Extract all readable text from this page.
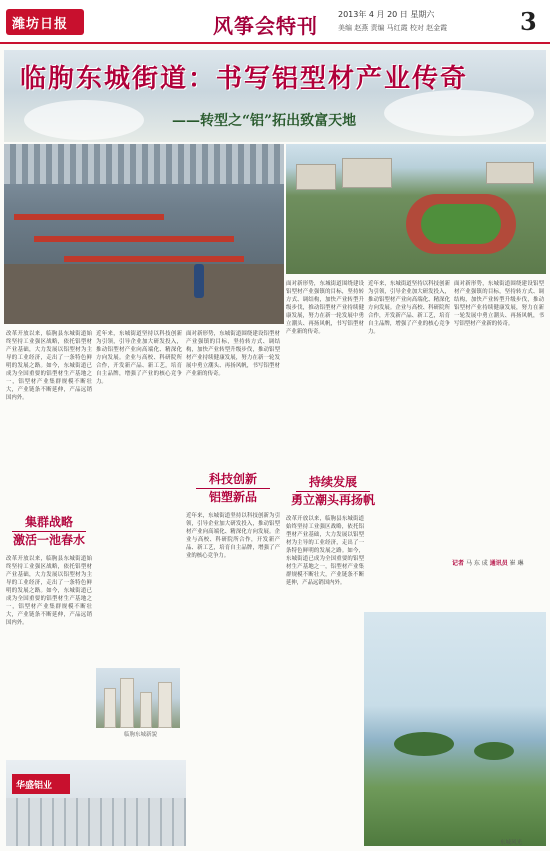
潍坊日报	风筝会特刊	2013年 4 月 20 日 星期六
美编 赵燕 责编 马红霞 校对 赵金霞	3
临朐东城街道：书写铝型材产业传奇
——转型之“铝”拓出致富天地
改革开放以来，临朐县东城街道始终坚持工业强区战略，依托铝型材产业基础，大力发展以铝型材为主导的工业经济，走出了一条特色鲜明的发展之路。如今，东城街道已成为全国重要的铝型材生产基地之一，铝型材产业集群规模不断壮大，产业链条不断延伸，产品远销国内外。
集群战略
激活一池春水
改革开放以来，临朐县东城街道始终坚持工业强区战略，依托铝型材产业基础，大力发展以铝型材为主导的工业经济，走出了一条特色鲜明的发展之路。如今，东城街道已成为全国重要的铝型材生产基地之一，铝型材产业集群规模不断壮大，产业链条不断延伸，产品远销国内外。
近年来，东城街道坚持以科技创新为引领，引导企业加大研发投入，推动铝型材产业向高端化、精深化方向发展。企业与高校、科研院所合作，开发新产品、新工艺，培育自主品牌，增强了产业的核心竞争力。
面对新形势，东城街道围绕建设铝型材产业强镇的目标，坚持转方式、调结构，加快产业转型升级步伐，推动铝型材产业持续健康发展，努力在新一轮发展中勇立潮头、再扬风帆，书写铝型材产业新的传奇。
科技创新
铝塑新品
近年来，东城街道坚持以科技创新为引领，引导企业加大研发投入，推动铝型材产业向高端化、精深化方向发展。企业与高校、科研院所合作，开发新产品、新工艺，培育自主品牌，增强了产业的核心竞争力。
面对新形势，东城街道围绕建设铝型材产业强镇的目标，坚持转方式、调结构，加快产业转型升级步伐，推动铝型材产业持续健康发展，努力在新一轮发展中勇立潮头、再扬风帆，书写铝型材产业新的传奇。
持续发展
勇立潮头再扬帆
改革开放以来，临朐县东城街道始终坚持工业强区战略，依托铝型材产业基础，大力发展以铝型材为主导的工业经济，走出了一条特色鲜明的发展之路。如今，东城街道已成为全国重要的铝型材生产基地之一，铝型材产业集群规模不断壮大，产业链条不断延伸，产品远销国内外。
近年来，东城街道坚持以科技创新为引领，引导企业加大研发投入，推动铝型材产业向高端化、精深化方向发展。企业与高校、科研院所合作，开发新产品、新工艺，培育自主品牌，增强了产业的核心竞争力。
面对新形势，东城街道围绕建设铝型材产业强镇的目标，坚持转方式、调结构，加快产业转型升级步伐，推动铝型材产业持续健康发展，努力在新一轮发展中勇立潮头、再扬风帆，书写铝型材产业新的传奇。
记者 马 东 成 通讯员 崔 琳
临朐东城新貌
华盛铝业
东城风光
